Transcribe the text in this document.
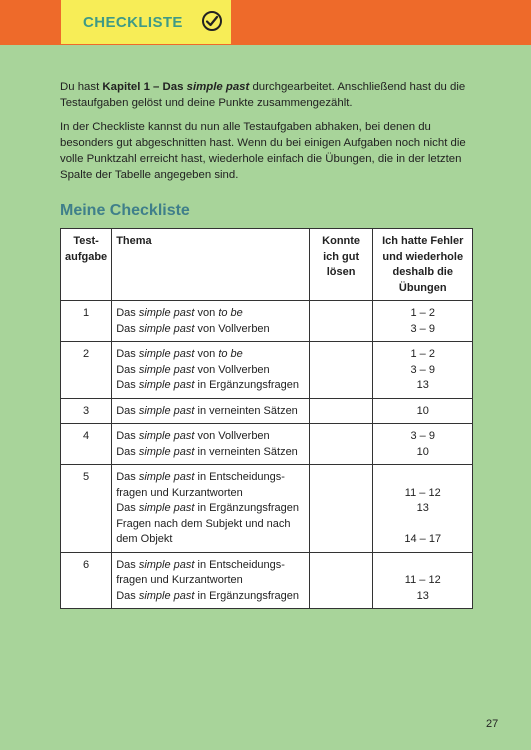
CHECKLISTE

Du hast Kapitel 1 – Das simple past durchgearbeitet. Anschließend hast du die Testaufgaben gelöst und deine Punkte zusammengezählt.

In der Checkliste kannst du nun alle Testaufgaben abhaken, bei denen du besonders gut abgeschnitten hast. Wenn du bei einigen Aufgaben noch nicht die volle Punktzahl erreicht hast, wiederhole einfach die Übungen, die in der letzten Spalte der Tabelle angegeben sind.

Meine Checkliste
Test-
aufgabe	Thema	Konnte ich gut lösen	Ich hatte Fehler und wiederhole deshalb die Übungen
1	Das simple past von to be
Das simple past von Vollverben		1 – 2
3 – 9

2	Das simple past von to be
Das simple past von Vollverben
Das simple past in Ergänzungsfragen		1 – 2
3 – 9
13

3	Das simple past in verneinten Sätzen		10

4	Das simple past von Vollverben
Das simple past in verneinten Sätzen		3 – 9
10

5	Das simple past in Entscheidungs-
fragen und Kurzantworten
Das simple past in Ergänzungsfragen
Fragen nach dem Subjekt und nach
dem Objekt		11 – 12
13
14 – 17

6	Das simple past in Entscheidungs-
fragen und Kurzantworten
Das simple past in Ergänzungsfragen		11 – 12
13
27
